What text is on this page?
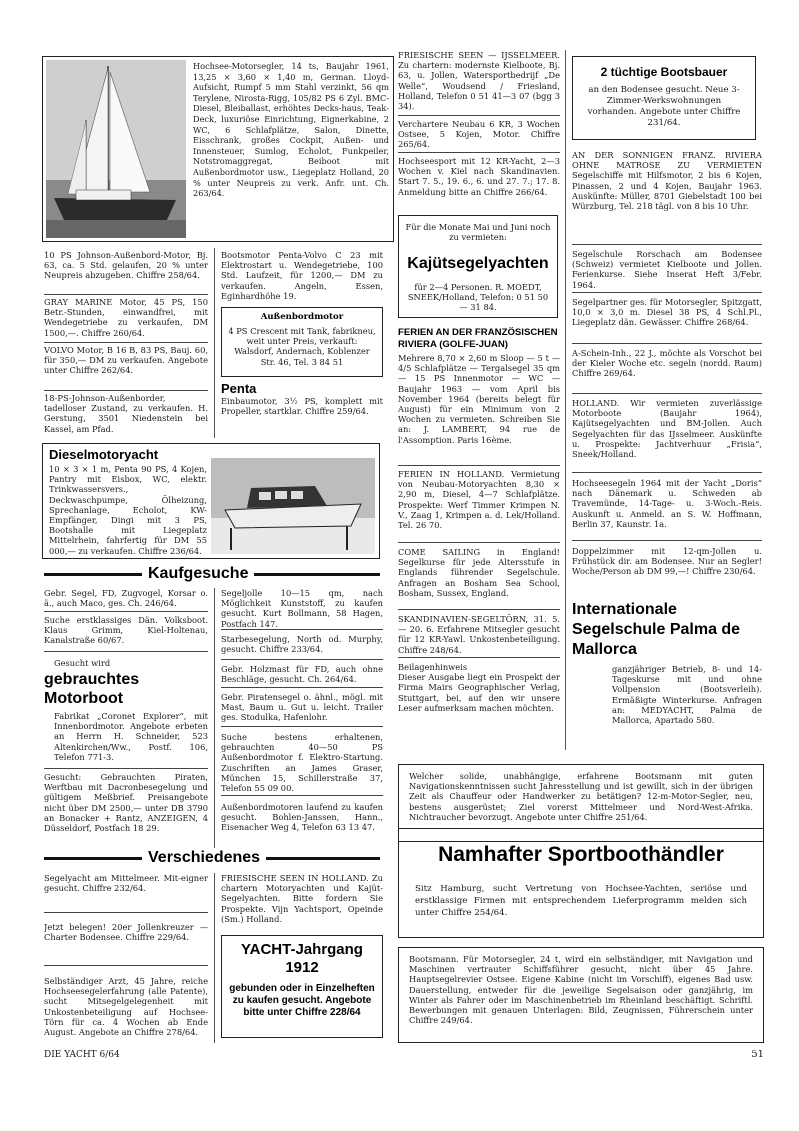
Hochsee-Motorsegler, 14 ts, Baujahr 1961, 13,25 × 3,60 × 1,40 m, German. Lloyd-Aufsicht, Rumpf 5 mm Stahl verzinkt, 56 qm Terylene, Nirosta-Rigg, 105/82 PS 6 Zyl. BMC-Diesel, Bleiballast, erhöhtes Decks-haus, Teak-Deck, luxuriöse Einrichtung, Eignerkabine, 2 WC, 6 Schlafplätze, Salon, Dinette, Eisschrank, großes Cockpit, Außen- und Innensteuer, Sumlog, Echolot, Funkpeiler, Notstromaggregat, Beiboot mit Außenbordmotor usw., Liegeplatz Holland, 20 % unter Neupreis zu verk. Anfr. unt. Ch. 263/64.
10 PS Johnson-Außenbord-Motor, Bj. 63, ca. 5 Std. gelaufen, 20 % unter Neupreis abzugeben. Chiffre 258/64.
GRAY MARINE Motor, 45 PS, 150 Betr.-Stunden, einwandfrei, mit Wendegetriebe zu verkaufen, DM 1500,—. Chiffre 260/64.
VOLVO Motor, B 16 B, 83 PS, Bauj. 60, für 350,— DM zu verkaufen. Angebote unter Chiffre 262/64.
18-PS-Johnson-Außenborder, tadelloser Zustand, zu verkaufen. H. Gerstung, 3501 Niedenstein bei Kassel, am Pfad.
Dieselmotoryacht
10 × 3 × 1 m, Penta 90 PS, 4 Kojen, Pantry mit Eisbox, WC, elektr. Trinkwassersvers., Deckwaschpumpe, Ölheizung, Sprechanlage, Echolot, KW-Empfänger, Dingi mit 3 PS, Bootshalle mit Liegeplatz Mittelrhein, fahrfertig für DM 55 000,— zu verkaufen. Chiffre 236/64.
Kaufgesuche
Gebr. Segel, FD, Zugvogel, Korsar o. ä., auch Maco, ges. Ch. 246/64.
Suche erstklassiges Dän. Volksboot. Klaus Grimm, Kiel-Holtenau, Kanalstraße 60/67.
Gesucht wird
gebrauchtes Motorboot
Fabrikat „Coronet Explorer“, mit Innenbordmotor. Angebote erbeten an Herrn H. Schneider, 523 Altenkirchen/Ww., Postf. 106, Telefon 771-3.
Gesucht: Gebrauchten Piraten, Werftbau mit Dacronbesegelung und gültigem Meßbrief. Preisangebote nicht über DM 2500,— unter DB 3790 an Bonacker + Rantz, ANZEIGEN, 4 Düsseldorf, Postfach 18 29.
Verschiedenes
Segelyacht am Mittelmeer. Mit-eigner gesucht. Chiffre 232/64.
Jetzt belegen! 20er Jollenkreuzer — Charter Bodensee. Chiffre 229/64.
Selbständiger Arzt, 45 Jahre, reiche Hochseesegelerfahrung (alle Patente), sucht Mitsegelgelegenheit mit Unkostenbeteiligung auf Hochsee-Törn für ca. 4 Wochen ab Ende August. Angebote an Chiffre 278/64.
Bootsmotor Penta-Volvo C 23 mit Elektrostart u. Wendegetriebe, 100 Std. Laufzeit, für 1200,— DM zu verkaufen. Angeln, Essen, Eginhardhöhe 19.
Außenbordmotor
4 PS Crescent mit Tank, fabrikneu, weit unter Preis, verkauft: Walsdorf, Andernach, Koblenzer Str. 46, Tel. 3 84 51
Penta
Einbaumotor, 3½ PS, komplett mit Propeller, startklar. Chiffre 259/64.
Segeljolle 10—15 qm, nach Möglichkeit Kunststoff, zu kaufen gesucht. Kurt Bollmann, 58 Hagen, Postfach 147.
Starbesegelung, North od. Murphy, gesucht. Chiffre 233/64.
Gebr. Holzmast für FD, auch ohne Beschläge, gesucht. Ch. 264/64.
Gebr. Piratensegel o. ähnl., mögl. mit Mast, Baum u. Gut u. leicht. Trailer ges. Stodulka, Hafenlohr.
Suche bestens erhaltenen, gebrauchten 40—50 PS Außenbordmotor f. Elektro-Startung. Zuschriften an James Graser, München 15, Schillerstraße 37, Telefon 55 09 00.
Außenbordmotoren laufend zu kaufen gesucht. Bohlen-Janssen, Hann., Eisenacher Weg 4, Telefon 63 13 47.
FRIESISCHE SEEN IN HOLLAND. Zu chartern Motoryachten und Kajüt-Segelyachten. Bitte fordern Sie Prospekte. Vijn Yachtsport, Opeinde (Sm.) Holland.
YACHT-Jahrgang 1912
gebunden oder in Einzelheften zu kaufen gesucht. Angebote bitte unter Chiffre 228/64
FRIESISCHE SEEN — IJSSELMEER. Zu chartern: modernste Kielboote, Bj. 63, u. Jollen, Watersportbedrijf „De Welle“, Woudsend / Friesland, Holland, Telefon 0 51 41—3 07 (bgg 3 34).
Verchartere Neubau 6 KR, 3 Wochen Ostsee, 5 Kojen, Motor. Chiffre 265/64.
Hochseesport mit 12 KR-Yacht, 2—3 Wochen v. Kiel nach Skandinavien. Start 7. 5., 19. 6., 6. und 27. 7.; 17. 8. Anmeldung bitte an Chiffre 266/64.
Für die Monate Mai und Juni noch zu vermieten:
Kajütsegelyachten
für 2—4 Personen. R. MOEDT, SNEEK/Holland, Telefon: 0 51 50 — 31 84.
FERIEN AN DER FRANZÖSISCHEN RIVIERA (GOLFE-JUAN)
Mehrere 8,70 × 2,60 m Sloop — 5 t — 4/5 Schlafplätze — Tergalsegel 35 qm — 15 PS Innenmotor — WC — Baujahr 1963 — vom April bis November 1964 (bereits belegt für August) für ein Minimum von 2 Wochen zu vermieten. Schreiben Sie an: J. LAMBERT, 94 rue de l'Assomption. Paris 16ème.
FERIEN IN HOLLAND. Vermietung von Neubau-Motoryachten 8,30 × 2,90 m, Diesel, 4—7 Schlafplätze. Prospekte: Werf Timmer Krimpen N. V., Zaag 1, Krimpen a. d. Lek/Holland. Tel. 26 70.
COME SAILING in England! Segelkurse für jede Altersstufe in Englands führender Segelschule. Anfragen an Bosham Sea School, Bosham, Sussex, England.
SKANDINAVIEN-SEGELTÖRN, 31. 5. — 20. 6. Erfahrene Mitsegler gesucht für 12 KR-Yawl. Unkostenbeteiligung. Chiffre 248/64.
Beilagenhinweis
Dieser Ausgabe liegt ein Prospekt der Firma Mairs Geographischer Verlag, Stuttgart, bei, auf den wir unsere Leser aufmerksam machen möchten.
2 tüchtige Bootsbauer
an den Bodensee gesucht. Neue 3-Zimmer-Werkswohnungen vorhanden. Angebote unter Chiffre 231/64.
AN DER SONNIGEN FRANZ. RIVIERA OHNE MATROSE ZU VERMIETEN Segelschiffe mit Hilfsmotor, 2 bis 6 Kojen, Pinassen, 2 und 4 Kojen, Baujahr 1963. Auskünfte: Müller, 8701 Giebelstadt 100 bei Würzburg, Tel. 218 tägl. von 8 bis 10 Uhr.
Segelschule Rorschach am Bodensee (Schweiz) vermietet Kielboote und Jollen. Ferienkurse. Siehe Inserat Heft 3/Febr. 1964.
Segelpartner ges. für Motorsegler, Spitzgatt, 10,0 × 3,0 m. Diesel 38 PS, 4 Schl.Pl., Liegeplatz dän. Gewässer. Chiffre 268/64.
A-Schein-Inh., 22 J., möchte als Vorschot bei der Kieler Woche etc. segeln (nordd. Raum) Chiffre 269/64.
HOLLAND. Wir vermieten zuverlässige Motorboote (Baujahr 1964), Kajütsegelyachten und BM-Jollen. Auch Segelyachten für das IJsselmeer. Auskünfte u. Prospekte: Jachtverhuur „Frisia“, Sneek/Holland.
Hochseesegeln 1964 mit der Yacht „Doris“ nach Dänemark u. Schweden ab Travemünde, 14-Tage- u. 3-Woch.-Reis. Auskunft u. Anmeld. an S. W. Hoffmann, Berlin 37, Kaunstr. 1a.
Doppelzimmer mit 12-qm-Jollen u. Frühstück dir. am Bodensee. Nur an Segler! Woche/Person ab DM 99,—! Chiffre 230/64.
Internationale Segelschule Palma de Mallorca
ganzjähriger Betrieb, 8- und 14-Tageskurse mit und ohne Vollpension (Bootsverleih). Ermäßigte Winterkurse. Anfragen an: MEDYACHT, Palma de Mallorca, Apartado 580.
Welcher solide, unabhängige, erfahrene Bootsmann mit guten Navigationskenntnissen sucht Jahresstellung und ist gewillt, sich in der übrigen Zeit als Chauffeur oder Handwerker zu betätigen? 12-m-Motor-Segler, neu, bestens ausgerüstet; Ziel vorerst Mittelmeer und Nord-West-Afrika. Nichtraucher bevorzugt. Angebote unter Chiffre 251/64.
Namhafter Sportboothändler
Sitz Hamburg, sucht Vertretung von Hochsee-Yachten, seriöse und erstklassige Firmen mit entsprechendem Lieferprogramm melden sich unter Chiffre 254/64.
Bootsmann. Für Motorsegler, 24 t, wird ein selbständiger, mit Navigation und Maschinen vertrauter Schiffsführer gesucht, nicht über 45 Jahre. Hauptsegelrevier Ostsee. Eigene Kabine (nicht im Vorschiff), eigenes Bad usw. Dauerstellung, entweder für die jeweilige Segelsaison oder ganzjährig, im Winter als Fahrer oder im Maschinenbetrieb im Rheinland beschäftigt. Schriftl. Bewerbungen mit genauen Unterlagen: Bild, Zeugnissen, Führerschein unter Chiffre 249/64.
DIE YACHT 6/64	51
